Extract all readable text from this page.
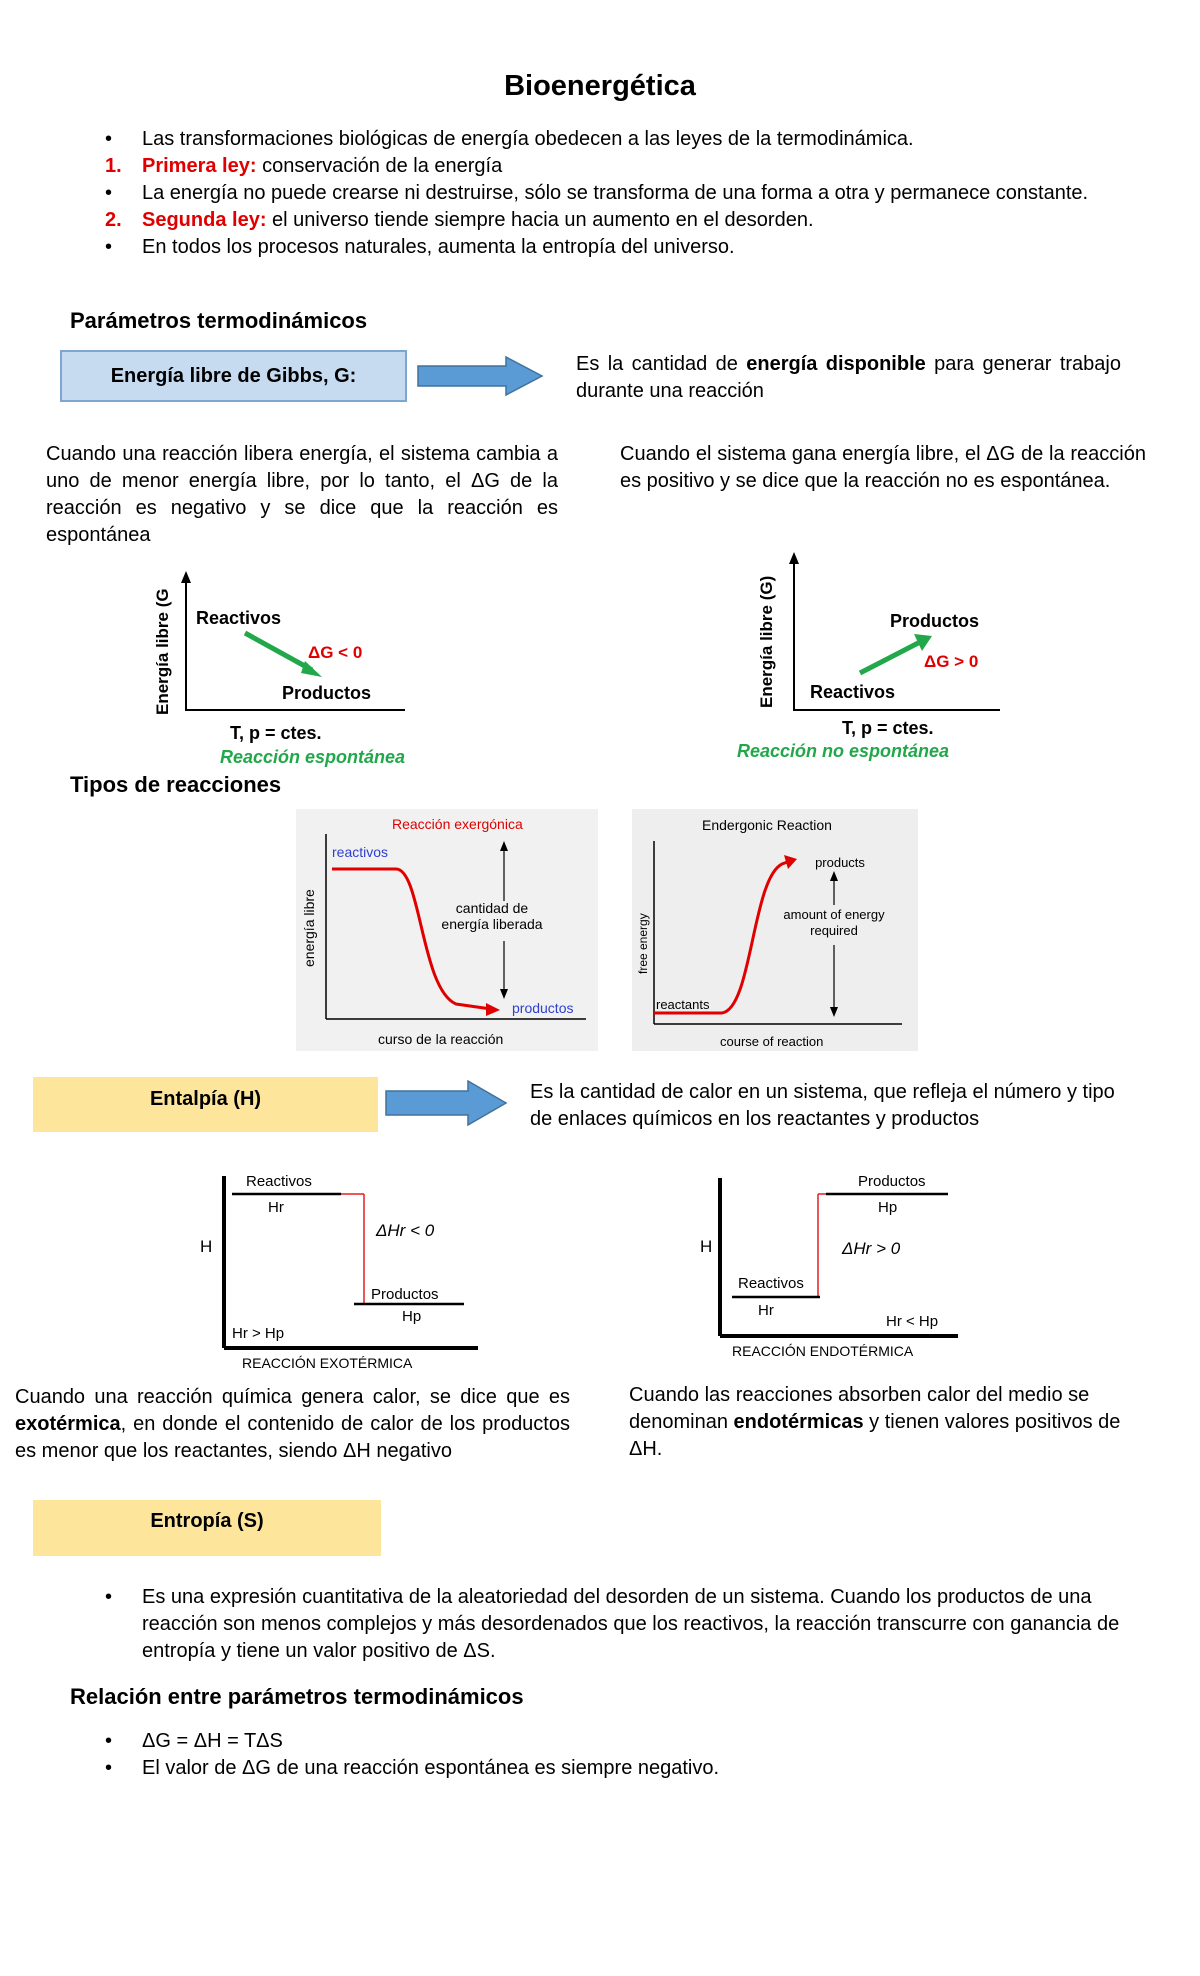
Bioenergética
•	Las transformaciones biológicas de energía obedecen a las leyes de la termodinámica.
1.	Primera ley: conservación de la energía
•	La energía no puede crearse ni destruirse, sólo se transforma de una forma a otra y permanece constante.
2.	Segunda ley: el universo tiende siempre hacia un aumento en el desorden.
•	En todos los procesos naturales, aumenta la entropía del universo.
Parámetros termodinámicos
Energía libre de Gibbs, G:
Es la cantidad de energía disponible para generar trabajo durante una reacción
Cuando una reacción libera energía, el sistema cambia a uno de menor energía libre, por lo tanto, el ΔG de la reacción es negativo y se dice que la reacción es espontánea
Cuando el sistema gana energía libre, el ΔG de la reacción es positivo y se dice que la reacción no es espontánea.
Energía libre (G Reactivos
ΔG < 0
Productos
T, p = ctes.
Reacción espontánea
Energía libre (G)	Productos
ΔG > 0
Reactivos
T, p = ctes.
Reacción no espontánea
Tipos de reacciones
Reacción exergónica
energía libre
curso de la reacción
reactivos
cantidad de energía liberada
productos
Endergonic Reaction
free energy
course of reaction
reactants
products
amount of energy required
Entalpía (H)	Es la cantidad de calor en un sistema, que refleja el número y tipo de enlaces químicos en los reactantes y productos
H
Reactivos
Hr
ΔHr < 0
Productos
Hp
Hr > Hp
REACCIÓN EXOTÉRMICA
H
Productos
Hp
ΔHr > 0
Reactivos
Hr
Hr < Hp
REACCIÓN ENDOTÉRMICA
Cuando una reacción química genera calor, se dice que es exotérmica, en donde el contenido de calor de los productos es menor que los reactantes, siendo ΔH negativo
Cuando las reacciones absorben calor del medio se denominan endotérmicas y tienen valores positivos de ΔH.
Entropía (S)
•	Es una expresión cuantitativa de la aleatoriedad del desorden de un sistema. Cuando los productos de una reacción son menos complejos y más desordenados que los reactivos, la reacción transcurre con ganancia de entropía y tiene un valor positivo de ΔS.
Relación entre parámetros termodinámicos
•	ΔG = ΔH = TΔS
•	El valor de ΔG de una reacción espontánea es siempre negativo.
